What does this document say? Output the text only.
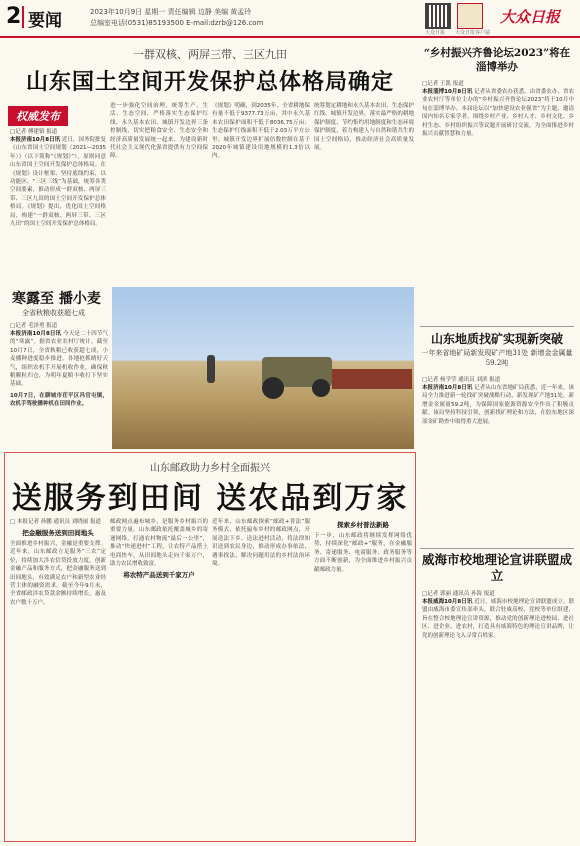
2 要闻	2023年10月9日 星期一 责任编辑 边静 美编 黄孟玲
总编室电话(0531)85193500 E-mail:dzrb@126.com
大众日报 大众日报客户端
大众日报
一群双核、两屏三带、三区九田
山东国土空间开发保护总体格局确定
权威发布
□记者 傅建镇 报道
本报济南10月8日讯 近日，国务院批复《山东省国土空间规划（2021—2035年）》（以下简称“《规划》”），原则同意山东省国土空间开发保护总体格局。在《规划》设计框架、坚持底线约束，以功能区、“三区三线”为基础，统筹各类空间要素，推动形成一群双核、两屏三带、三区九田的国土空间开发保护总体格局。《规划》提出，优化国土空间格局，构建“一群双核、两屏三带、三区九田”的国土空间开发保护总体格局。
进一步强化空间治理，统筹生产、生活、生态空间，严格落实生态保护红线、永久基本农田、城镇开发边界三条控制线，切实把粮食安全、生态安全和经济高质量发展统一起来，为建设新时代社会主义现代化强省提供有力空间保障。
《规划》明确，到2035年，全省耕地保有量不低于9377.73万亩，其中永久基本农田保护面积不低于8036.75万亩；生态保护红线面积不低于2.03万平方公里；城镇开发边界扩展倍数控制在基于2020年城镇建设用地规模的1.3倍以内。
统筹划定耕地和永久基本农田、生态保护红线、城镇开发边界，落实最严格的耕地保护制度、节约集约用地制度和生态环境保护制度，着力构建人与自然和谐共生的国土空间格局，推动经济社会高质量发展。
寒露至 播小麦
全省秋粮收获超七成
□记者 毛泽勇 报道
本报济南10月8日讯 今天是二十四节气的“寒露”。据省农业农村厅统计，截至10月7日，全省秋粮已收获超七成，小麦播种进度稳步推进。各地抢抓晴好天气，组织农机手开展机收作业，确保秋粮颗粒归仓，为明年夏粮丰收打下坚实基础。
10月7日，在聊城市茌平区冯官屯镇，农机手驾驶播种机在田间作业。
山东邮政助力乡村全面振兴
送服务到田间 送农品到万家
□ 本报记者 孙鹏 通讯员 刘晓丽 报道
把金融服务送到田间地头
全面推进乡村振兴，金融是重要支撑。近年来，山东邮政立足服务“三农”定位，持续加大涉农信贷投放力度，创新金融产品和服务方式，把金融服务送到田间地头，有效满足农户和新型农业经营主体的融资需求。截至今年9月末，全省邮政涉农贷款余额持续增长，惠及农户数十万户。
邮政网点遍布城乡，是服务乡村振兴的重要力量。山东邮政依托覆盖城乡的寄递网络，打通农村物流“最后一公里”，推动“快递进村”工程，让农特产品搭上电商快车，从田间地头走向千家万户，助力农民增收致富。
将农特产品送到千家万户
近年来，山东邮政探索“邮政+普法”服务模式，依托遍布乡村的邮政网点，开展送法下乡、送法进村活动，将法律知识送到农民身边，推动形成办事依法、遇事找法、解决问题用法的乡村法治环境。
探索乡村普法新路
下一步，山东邮政将继续发挥网络优势，持续深化“邮政+”服务，在金融服务、寄递服务、电商服务、政务服务等方面不断创新，为全面推进乡村振兴贡献邮政力量。
“乡村振兴齐鲁论坛2023”将在淄博举办
□记者 王凯 报道
本报淄博10月8日讯 记者从省委农办获悉，由省委农办、省农业农村厅等单位主办的“乡村振兴齐鲁论坛2023”将于10月中旬在淄博举办。本届论坛以“加快建设农业强省”为主题，邀请国内知名专家学者，围绕乡村产业、乡村人才、乡村文化、乡村生态、乡村组织振兴等议题开展研讨交流，为全面推进乡村振兴贡献智慧和力量。
山东地质找矿实现新突破
一年来省地矿局新发现矿产地31处 新增金金属量59.2吨
□记者 杨学莹 通讯员 刘滨 报道
本报济南10月8日讯 记者从山东省地矿局获悉，近一年来，该局全力推进新一轮找矿突破战略行动，新发现矿产地31处，新增金金属量59.2吨，为保障国家能源资源安全作出了积极贡献。该局坚持科技引领，创新找矿理论和方法，在胶东地区深部金矿勘查中取得重大进展。
威海市校地理论宣讲联盟成立
□记者 郭丽 通讯员 孙海 报道
本报威海10月8日讯 近日，威海市校地理论宣讲联盟成立。联盟由威海市委宣传部牵头，联合驻威高校、党校等单位组建，旨在整合校地理论宣讲资源，推动党的创新理论进校园、进社区、进企业、进农村，打造具有威海特色的理论宣讲品牌，让党的创新理论飞入寻常百姓家。
